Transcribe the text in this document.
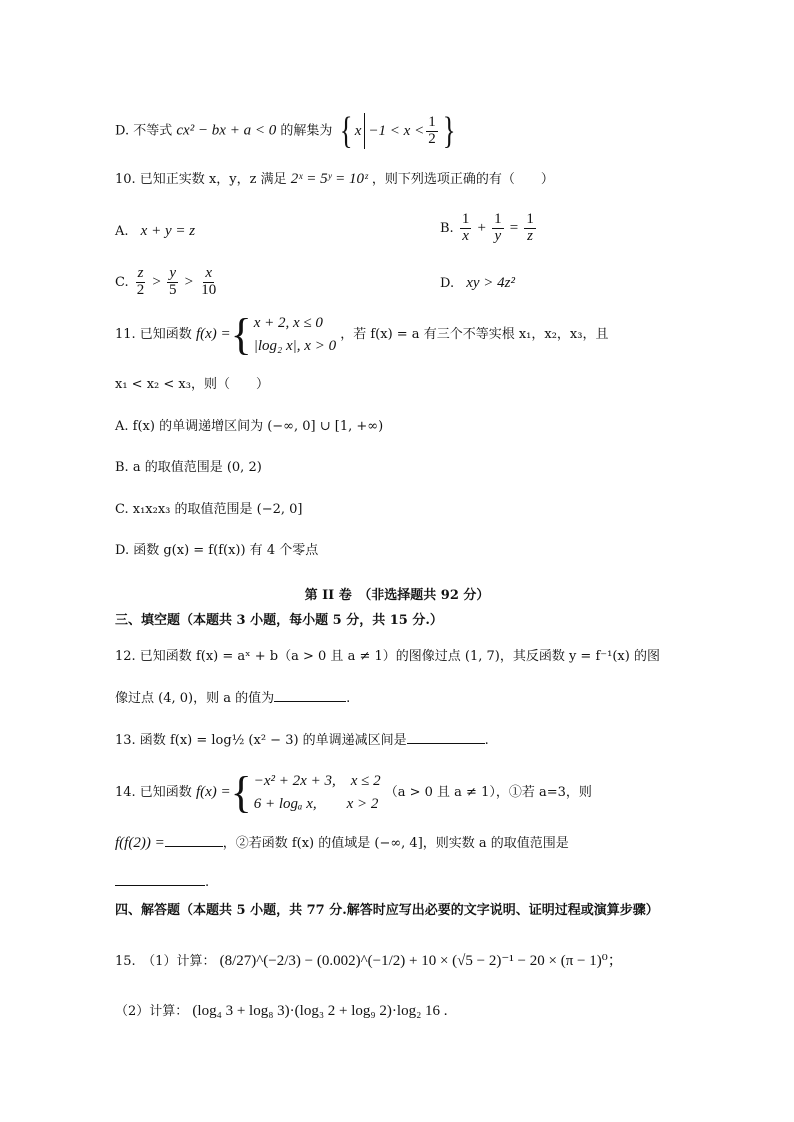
D. 不等式 cx² − bx + a < 0 的解集为 { $x -1 < x < \frac{1}{2}$ }
10. 已知正实数 x，y，z 满足 2ˣ = 5ʸ = 10ᶻ ，则下列选项正确的有（　　）
A. x + y = z	B. $\frac{1}{x} + \frac{1}{y} = \frac{1}{z}$
C. $\frac{z}{2} > \frac{y}{5} > \frac{x}{10}$	D. xy > 4z²
11. 已知函数 f(x) = { x + 2, x ≤ 0
|log₂ x|, x > 0
，若 f(x) = a 有三个不等实根 x₁，x₂，x₃，且
x₁ < x₂ < x₃，则（　　）
A. f(x) 的单调递增区间为 (−∞, 0] ∪ [1, +∞)
B. a 的取值范围是 (0, 2)
C. x₁x₂x₃ 的取值范围是 (−2, 0]
D. 函数 g(x) = f(f(x)) 有 4 个零点
第 II 卷　（非选择题共 92 分）
三、填空题（本题共 3 小题，每小题 5 分，共 15 分.）
12. 已知函数 f(x) = aˣ + b（a > 0 且 a ≠ 1）的图像过点 (1, 7)，其反函数 y = f⁻¹(x) 的图
像过点 (4, 0)，则 a 的值为	.
13. 函数 f(x) = log½ (x² − 3) 的单调递减区间是	.
14. 已知函数 f(x) = { −x² + 2x + 3,　x ≤ 2
6 + logₐ x,　　x > 2
（a > 0 且 a ≠ 1），①若 a=3，则
f(f(2)) =	，②若函数 f(x) 的值域是 (−∞, 4]，则实数 a 的取值范围是
.
四、解答题（本题共 5 小题，共 77 分.解答时应写出必要的文字说明、证明过程或演算步骤）
15.　（1）计算： (8/27)^(−2/3) − (0.002)^(−1/2) + 10 × (√5 − 2)⁻¹ − 20 × (π − 1)⁰；
（2）计算： (log₄ 3 + log₈ 3)·(log₃ 2 + log₉ 2)·log₂ 16 .
